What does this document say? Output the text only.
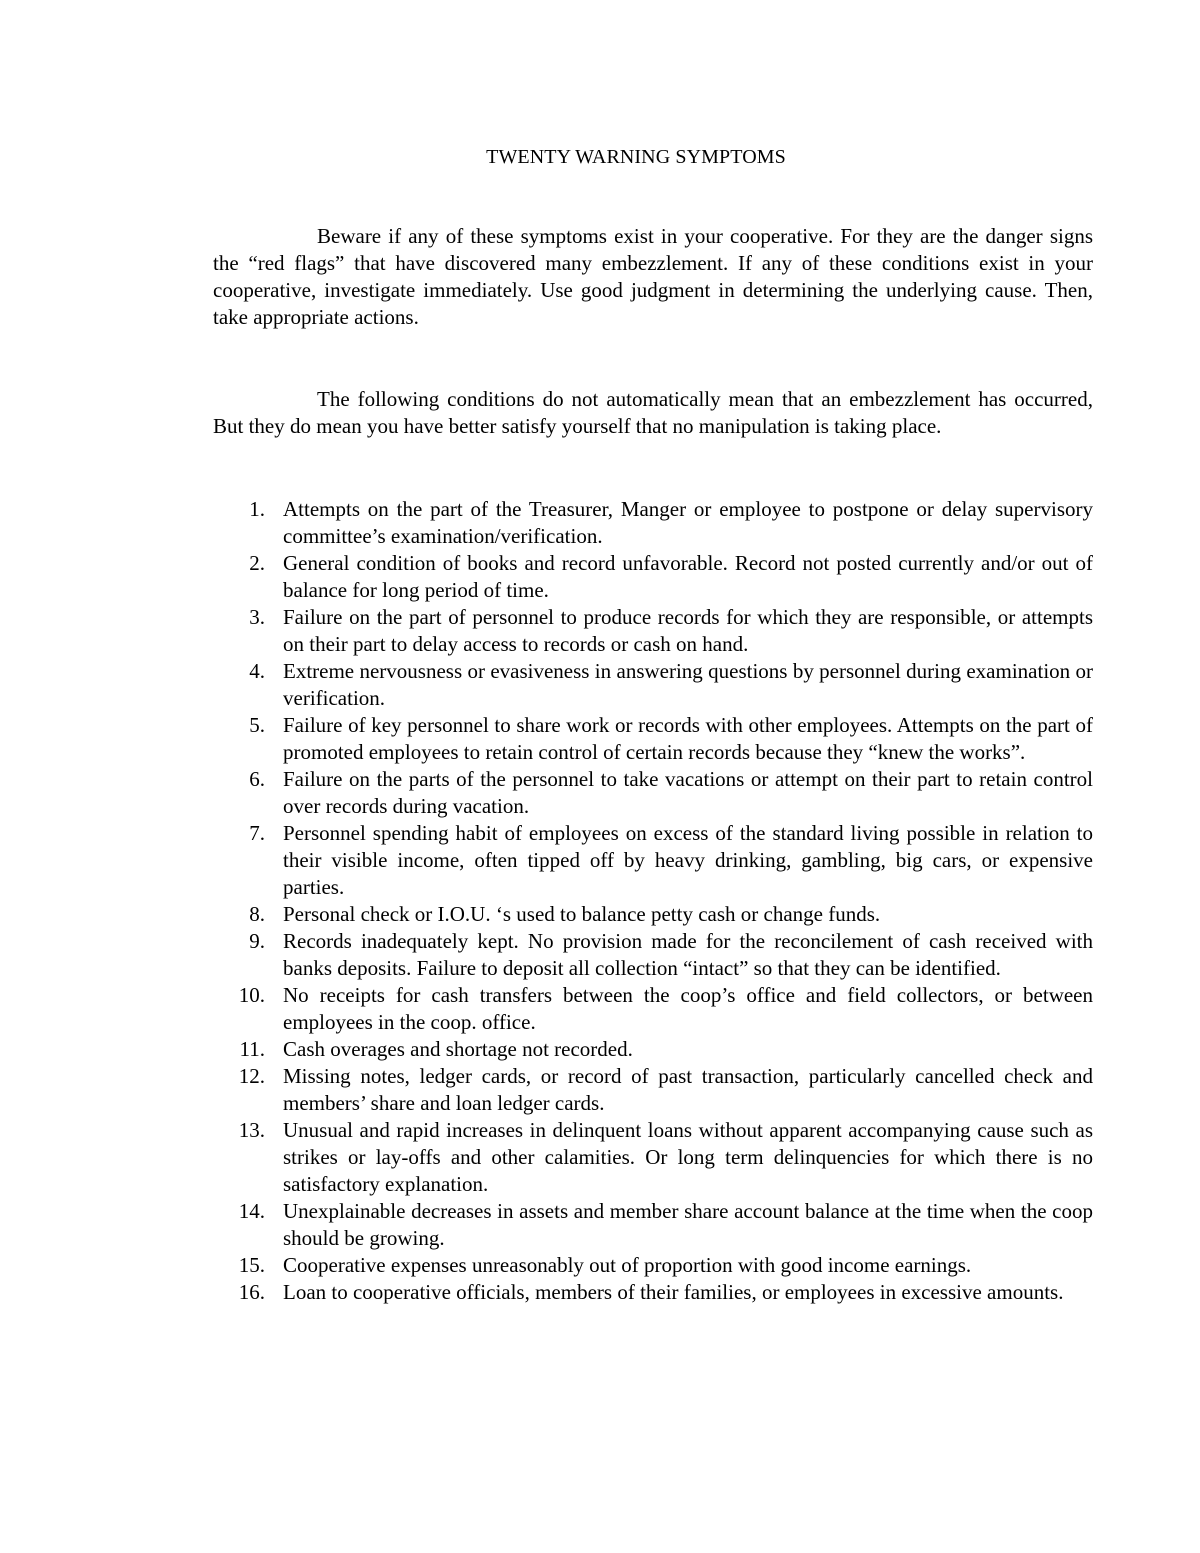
TWENTY WARNING SYMPTOMS

Beware if any of these symptoms exist in your cooperative. For they are the danger signs the “red flags” that have discovered many embezzlement. If any of these conditions exist in your cooperative, investigate immediately. Use good judgment in determining the underlying cause. Then, take appropriate actions.

The following conditions do not automatically mean that an embezzlement has occurred, But they do mean you have better satisfy yourself that no manipulation is taking place.

1. Attempts on the part of the Treasurer, Manger or employee to postpone or delay supervisory committee’s examination/verification.
2. General condition of books and record unfavorable. Record not posted currently and/or out of balance for long period of time.
3. Failure on the part of personnel to produce records for which they are responsible, or attempts on their part to delay access to records or cash on hand.
4. Extreme nervousness or evasiveness in answering questions by personnel during examination or verification.
5. Failure of key personnel to share work or records with other employees. Attempts on the part of promoted employees to retain control of certain records because they “knew the works”.
6. Failure on the parts of the personnel to take vacations or attempt on their part to retain control over records during vacation.
7. Personnel spending habit of employees on excess of the standard living possible in relation to their visible income, often tipped off by heavy drinking, gambling, big cars, or expensive parties.
8. Personal check or I.O.U. ‘s used to balance petty cash or change funds.
9. Records inadequately kept. No provision made for the reconcilement of cash received with banks deposits. Failure to deposit all collection “intact” so that they can be identified.
10. No receipts for cash transfers between the coop’s office and field collectors, or between employees in the coop. office.
11. Cash overages and shortage not recorded.
12. Missing notes, ledger cards, or record of past transaction, particularly cancelled check and members’ share and loan ledger cards.
13. Unusual and rapid increases in delinquent loans without apparent accompanying cause such as strikes or lay-offs and other calamities. Or long term delinquencies for which there is no satisfactory explanation.
14. Unexplainable decreases in assets and member share account balance at the time when the coop should be growing.
15. Cooperative expenses unreasonably out of proportion with good income earnings.
16. Loan to cooperative officials, members of their families, or employees in excessive amounts.
